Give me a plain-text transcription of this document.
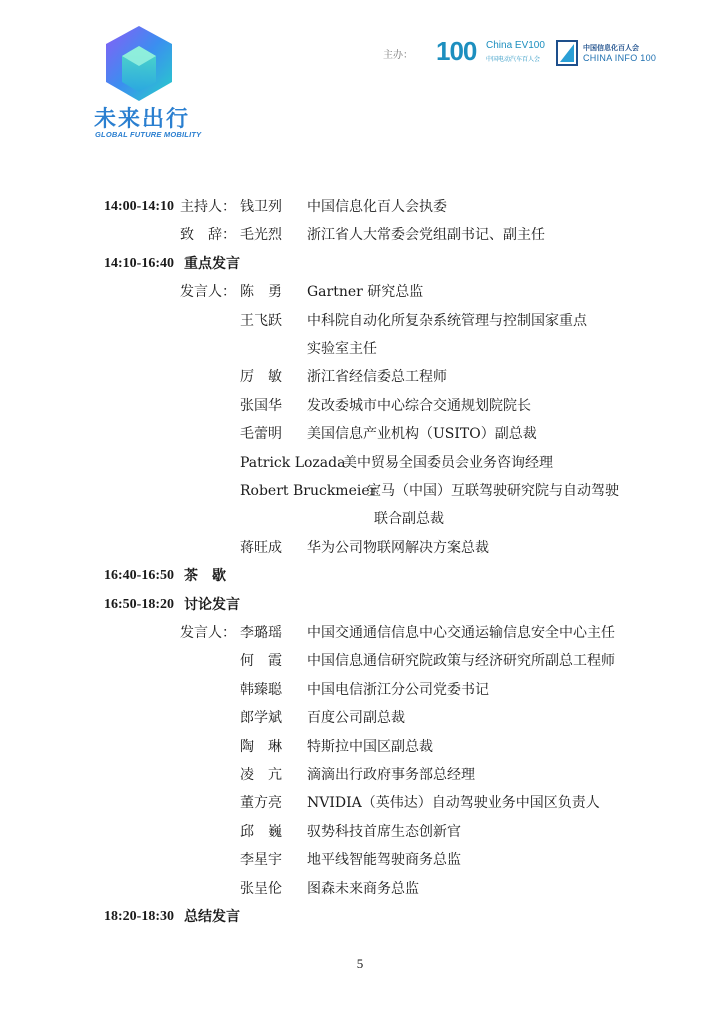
未来出行
GLOBAL FUTURE MOBILITY
主办： 100 China EV100
中国电动汽车百人会
中国信息化百人会
CHINA INFO 100
14:00-14:10 主持人： 钱卫列 中国信息化百人会执委
致　辞： 毛光烈 浙江省人大常委会党组副书记、副主任
14:10-16:40 重点发言
发言人： 陈　勇 Gartner 研究总监
王飞跃 中科院自动化所复杂系统管理与控制国家重点
实验室主任
厉　敏 浙江省经信委总工程师
张国华 发改委城市中心综合交通规划院院长
毛蕾明 美国信息产业机构（USITO）副总裁
Patrick Lozada
美中贸易全国委员会业务咨询经理
Robert Bruckmeier
宝马（中国）互联驾驶研究院与自动驾驶
联合副总裁
蒋旺成 华为公司物联网解决方案总裁
16:40-16:50 茶　歇
16:50-18:20 讨论发言
发言人： 李璐瑶 中国交通通信信息中心交通运输信息安全中心主任
何　霞 中国信息通信研究院政策与经济研究所副总工程师
韩臻聪 中国电信浙江分公司党委书记
郎学斌 百度公司副总裁
陶　琳 特斯拉中国区副总裁
凌　亢 滴滴出行政府事务部总经理
董方亮 NVIDIA（英伟达）自动驾驶业务中国区负责人
邱　巍 驭势科技首席生态创新官
李星宇 地平线智能驾驶商务总监
张呈伦 图森未来商务总监
18:20-18:30 总结发言
5
